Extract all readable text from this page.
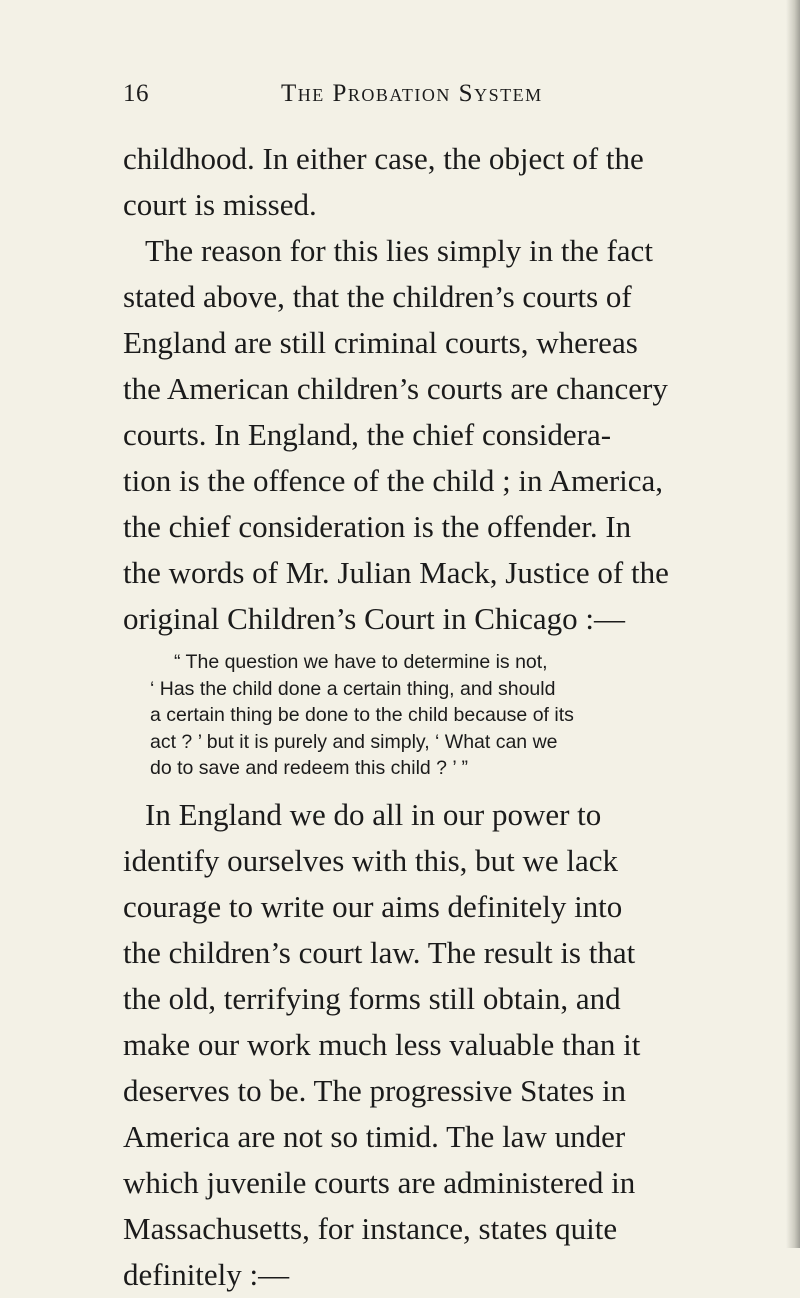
16	The Probation System

childhood. In either case, the object of the
court is missed.

The reason for this lies simply in the fact
stated above, that the children’s courts of
England are still criminal courts, whereas
the American children’s courts are chancery
courts. In England, the chief considera-
tion is the offence of the child ; in America,
the chief consideration is the offender. In
the words of Mr. Julian Mack, Justice of the
original Children’s Court in Chicago :—

“ The question we have to determine is not,
‘ Has the child done a certain thing, and should
a certain thing be done to the child because of its
act ? ’ but it is purely and simply, ‘ What can we
do to save and redeem this child ? ’ ”

In England we do all in our power to
identify ourselves with this, but we lack
courage to write our aims definitely into
the children’s court law. The result is that
the old, terrifying forms still obtain, and
make our work much less valuable than it
deserves to be. The progressive States in
America are not so timid. The law under
which juvenile courts are administered in
Massachusetts, for instance, states quite
definitely :—
